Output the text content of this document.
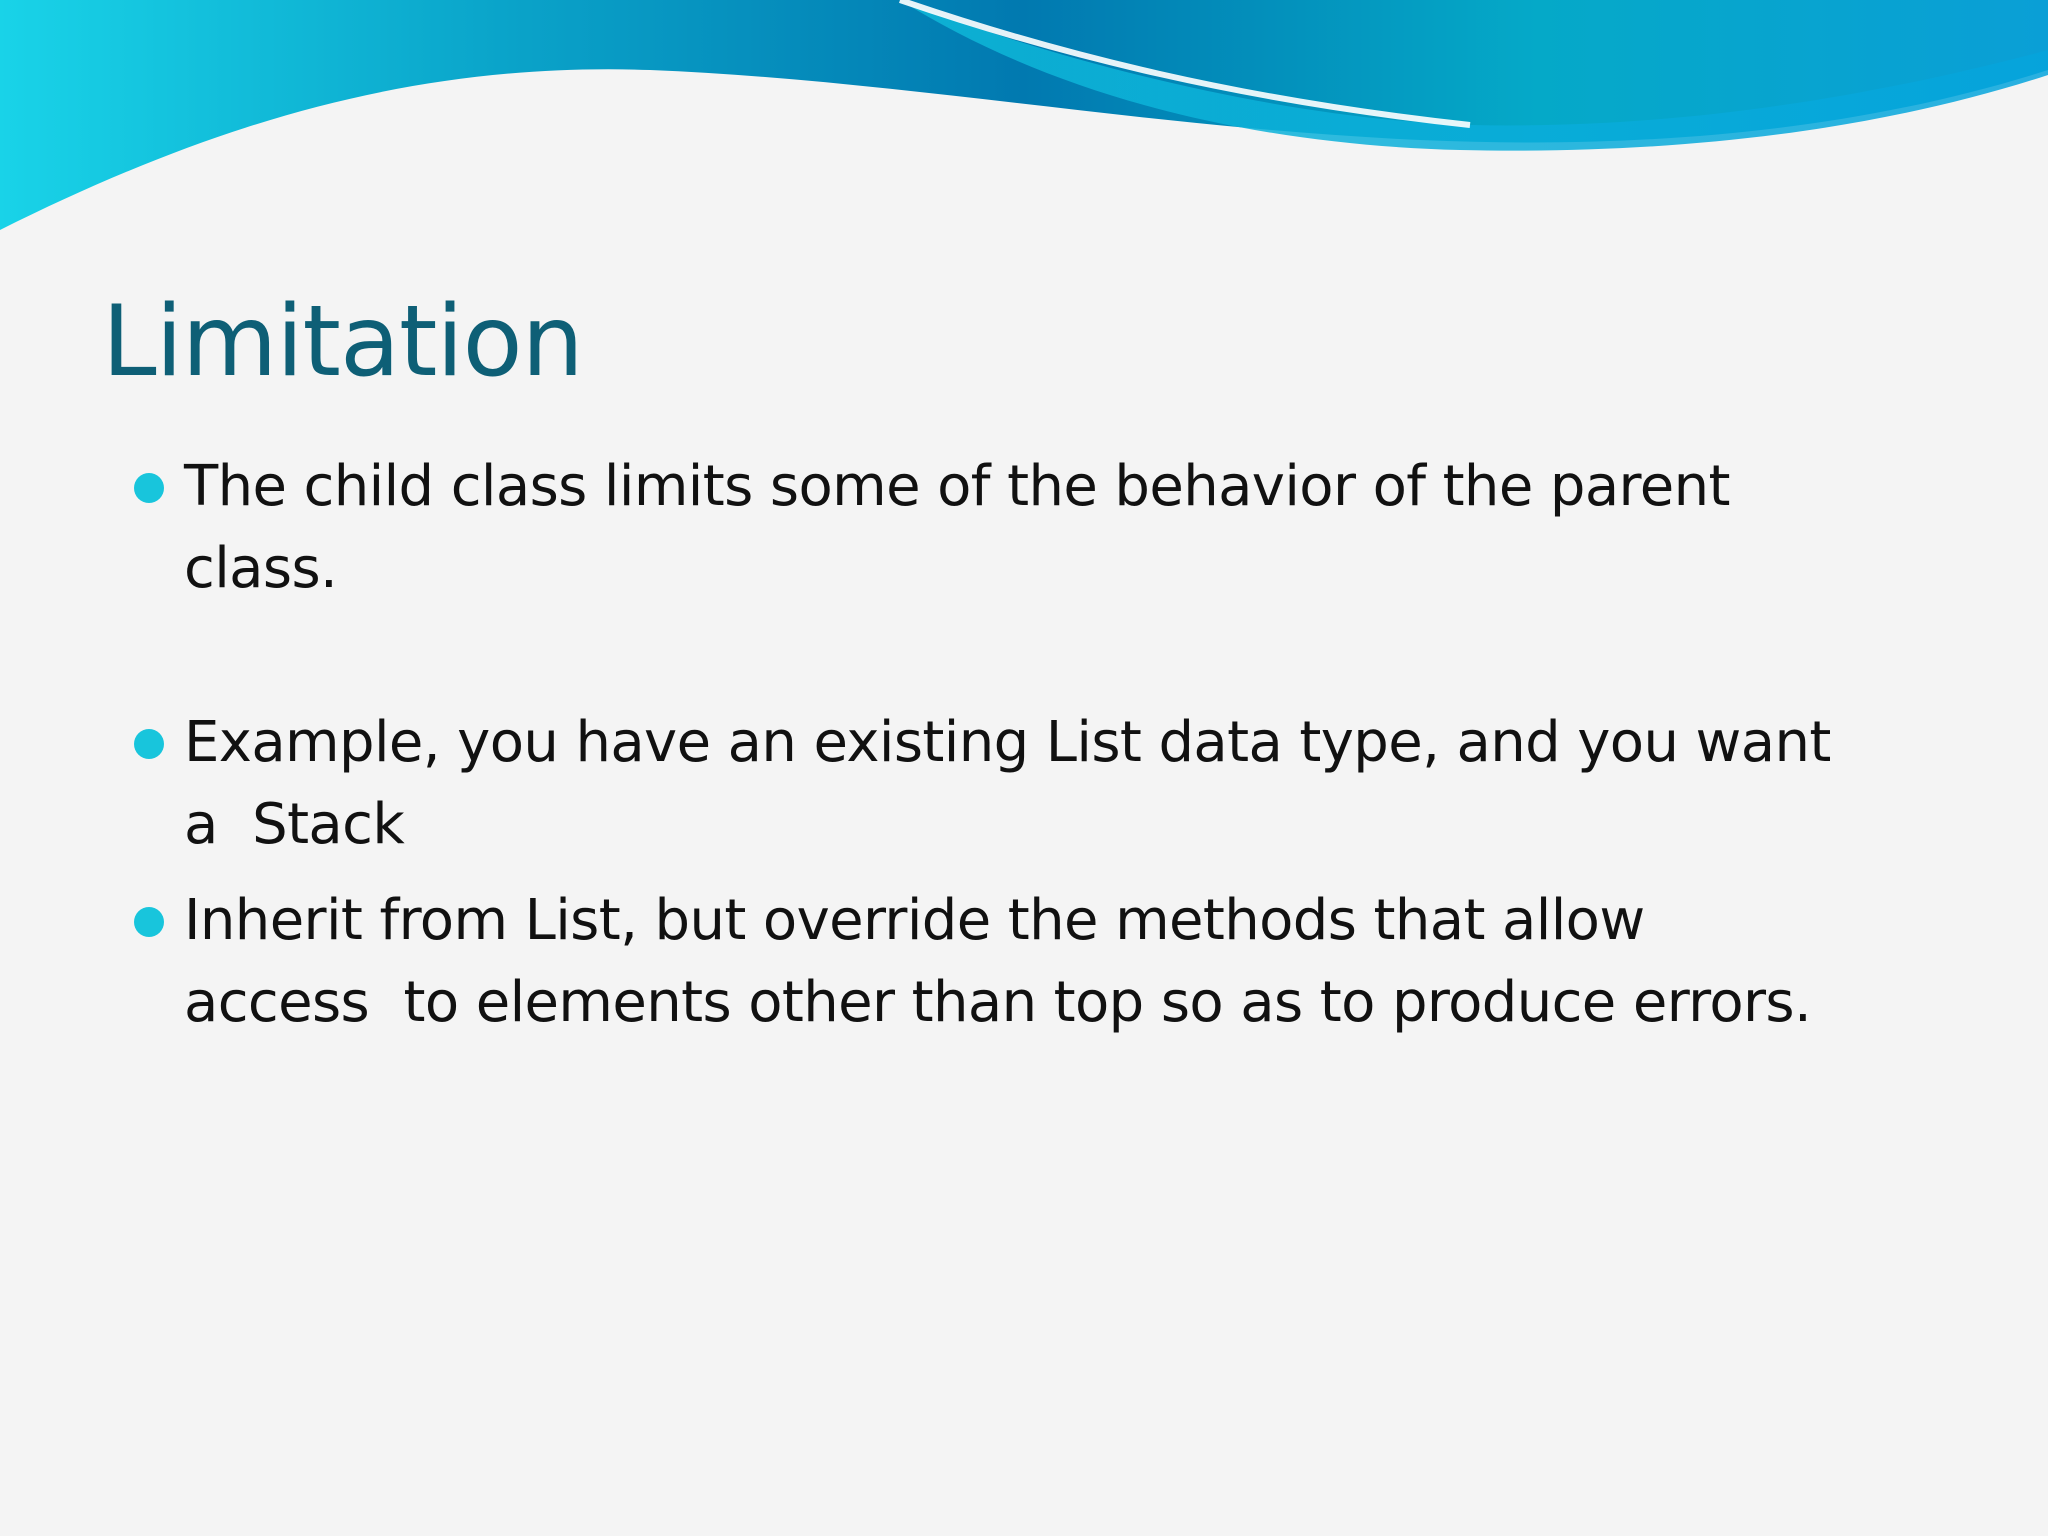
Limitation
The child class limits some of the behavior of the parent
class.
Example, you have an existing List data type, and you want
a  Stack
Inherit from List, but override the methods that allow
access  to elements other than top so as to produce errors.
